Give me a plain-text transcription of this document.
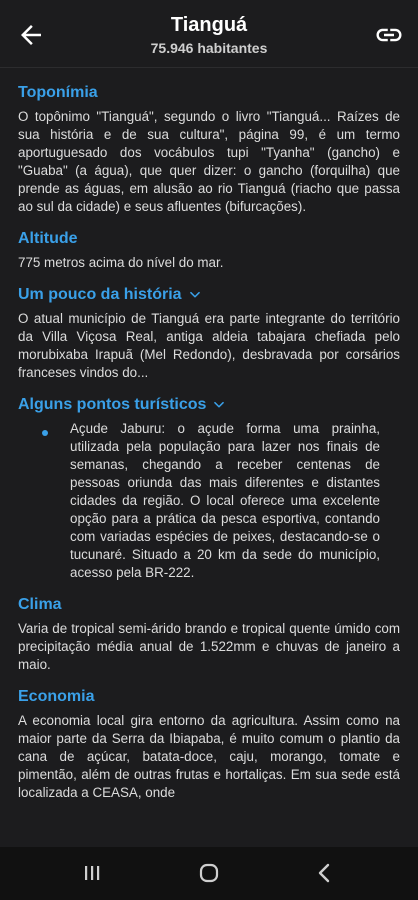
Tianguá
75.946 habitantes
Toponímia
O topônimo "Tianguá", segundo o livro "Tianguá... Raízes de sua história e de sua cultura", página 99, é um termo aportuguesado dos vocábulos tupi "Tyanha" (gancho) e "Guaba" (a água), que quer dizer: o gancho (forquilha) que prende as águas, em alusão ao rio Tianguá (riacho que passa ao sul da cidade) e seus afluentes (bifurcações).
Altitude
775 metros acima do nível do mar.
Um pouco da história
O atual município de Tianguá era parte integrante do território da Villa Viçosa Real, antiga aldeia tabajara chefiada pelo morubixaba Irapuã (Mel Redondo), desbravada por corsários franceses vindos do...
Alguns pontos turísticos
Açude Jaburu: o açude forma uma prainha, utilizada pela população para lazer nos finais de semanas, chegando a receber centenas de pessoas oriunda das mais diferentes e distantes cidades da região. O local oferece uma excelente opção para a prática da pesca esportiva, contando com variadas espécies de peixes, destacando-se o tucunaré. Situado a 20 km da sede do município, acesso pela BR-222.
Clima
Varia de tropical semi-árido brando e tropical quente úmido com precipitação média anual de 1.522mm e chuvas de janeiro a maio.
Economia
A economia local gira entorno da agricultura. Assim como na maior parte da Serra da Ibiapaba, é muito comum o plantio da cana de açúcar, batata-doce, caju, morango, tomate e pimentão, além de outras frutas e hortaliças. Em sua sede está localizada a CEASA, onde
